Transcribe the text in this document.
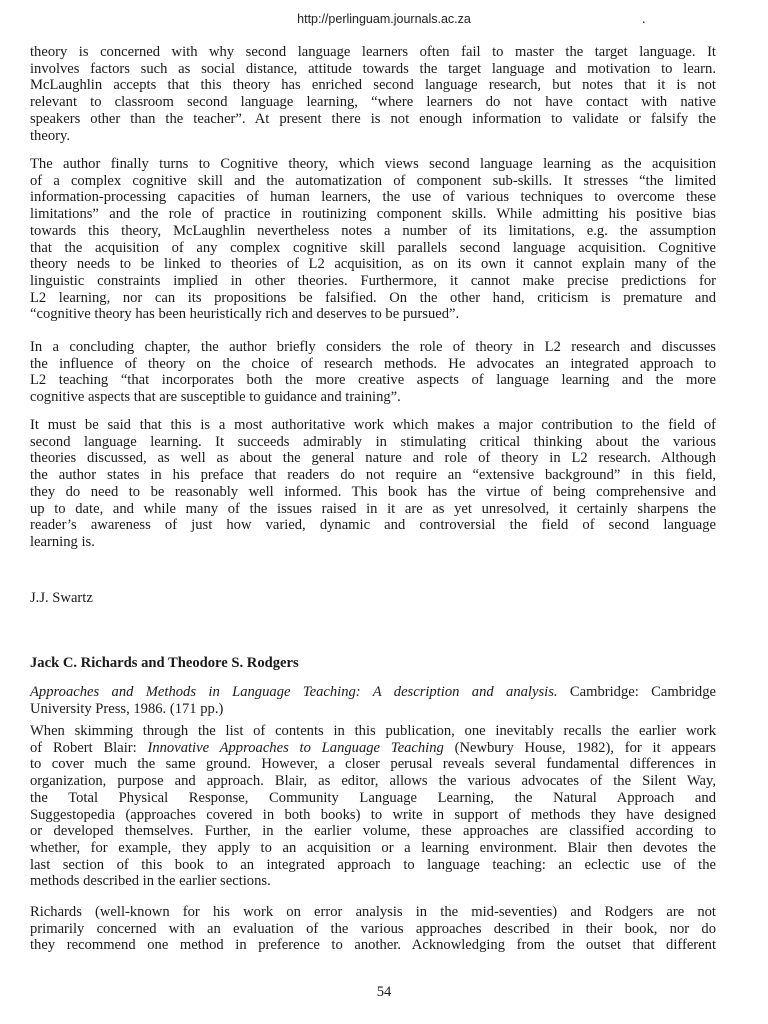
http://perlinguam.journals.ac.za	.
theory is concerned with why second language learners often fail to master the target language. It
involves factors such as social distance, attitude towards the target language and motivation to learn.
McLaughlin accepts that this theory has enriched second language research, but notes that it is not
relevant to classroom second language learning, “where learners do not have contact with native
speakers other than the teacher”. At present there is not enough information to validate or falsify the
theory.
The author finally turns to Cognitive theory, which views second language learning as the acquisition
of a complex cognitive skill and the automatization of component sub-skills. It stresses “the limited
information-processing capacities of human learners, the use of various techniques to overcome these
limitations” and the role of practice in routinizing component skills. While admitting his positive bias
towards this theory, McLaughlin nevertheless notes a number of its limitations, e.g. the assumption
that the acquisition of any complex cognitive skill parallels second language acquisition. Cognitive
theory needs to be linked to theories of L2 acquisition, as on its own it cannot explain many of the
linguistic constraints implied in other theories. Furthermore, it cannot make precise predictions for
L2 learning, nor can its propositions be falsified. On the other hand, criticism is premature and
“cognitive theory has been heuristically rich and deserves to be pursued”.
In a concluding chapter, the author briefly considers the role of theory in L2 research and discusses
the influence of theory on the choice of research methods. He advocates an integrated approach to
L2 teaching “that incorporates both the more creative aspects of language learning and the more
cognitive aspects that are susceptible to guidance and training”.
It must be said that this is a most authoritative work which makes a major contribution to the field of
second language learning. It succeeds admirably in stimulating critical thinking about the various
theories discussed, as well as about the general nature and role of theory in L2 research. Although
the author states in his preface that readers do not require an “extensive background” in this field,
they do need to be reasonably well informed. This book has the virtue of being comprehensive and
up to date, and while many of the issues raised in it are as yet unresolved, it certainly sharpens the
reader’s awareness of just how varied, dynamic and controversial the field of second language
learning is.
J.J. Swartz
Jack C. Richards and Theodore S. Rodgers
Approaches and Methods in Language Teaching: A description and analysis. Cambridge: Cambridge
University Press, 1986. (171 pp.)
When skimming through the list of contents in this publication, one inevitably recalls the earlier work
of Robert Blair: Innovative Approaches to Language Teaching (Newbury House, 1982), for it appears
to cover much the same ground. However, a closer perusal reveals several fundamental differences in
organization, purpose and approach. Blair, as editor, allows the various advocates of the Silent Way,
the Total Physical Response, Community Language Learning, the Natural Approach and
Suggestopedia (approaches covered in both books) to write in support of methods they have designed
or developed themselves. Further, in the earlier volume, these approaches are classified according to
whether, for example, they apply to an acquisition or a learning environment. Blair then devotes the
last section of this book to an integrated approach to language teaching: an eclectic use of the
methods described in the earlier sections.
Richards (well-known for his work on error analysis in the mid-seventies) and Rodgers are not
primarily concerned with an evaluation of the various approaches described in their book, nor do
they recommend one method in preference to another. Acknowledging from the outset that different
54
